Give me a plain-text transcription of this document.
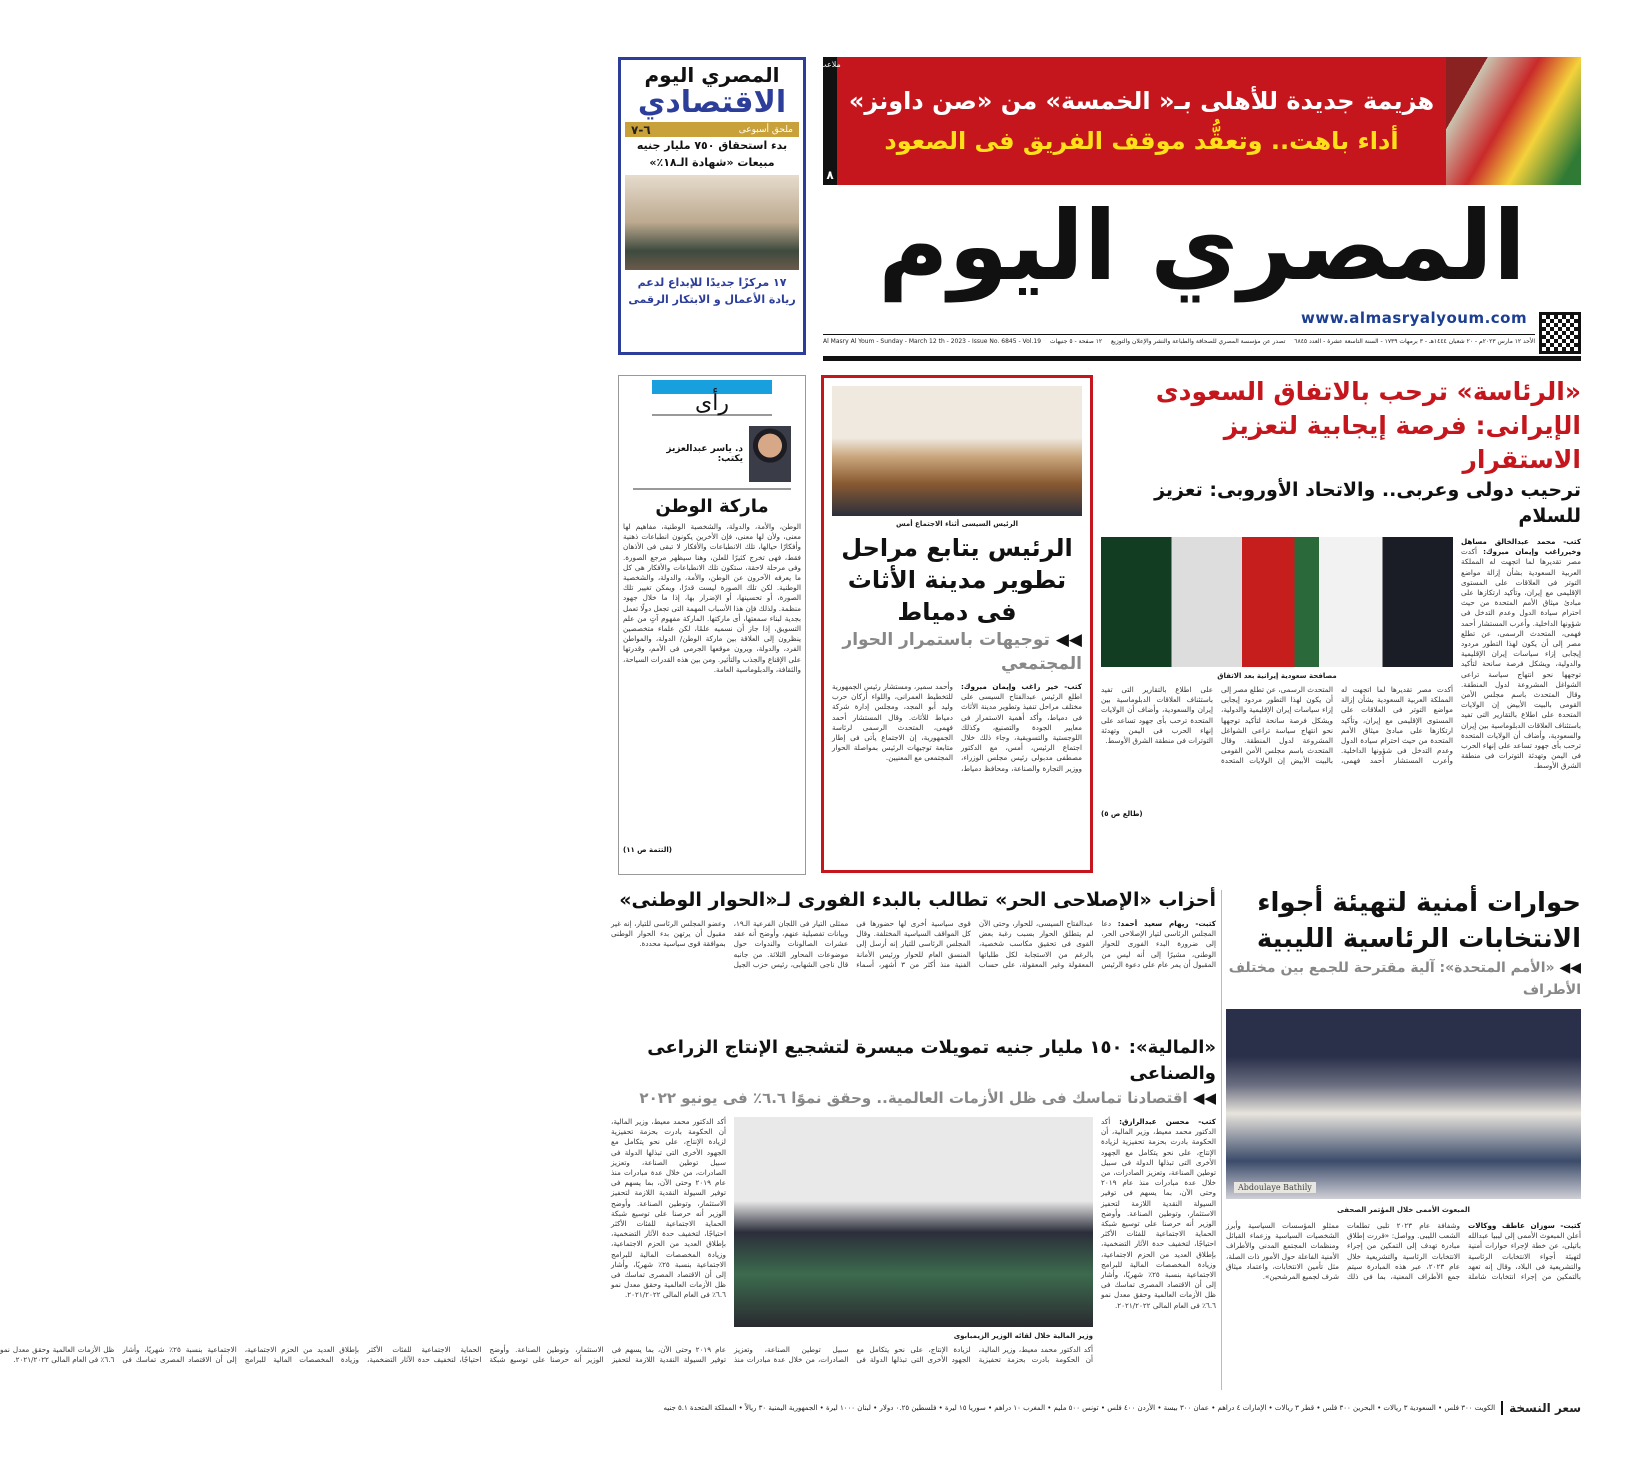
المصري اليوم
الاقتصادي
ملحق أسبوعى
٦-٧
بدء استحقاق ٧٥٠ مليار جنيه
مبيعات «شهادة الـ١٨٪»
١٧ مركزًا جديدًا للإبداع لدعم
ريادة الأعمال و الابتكار الرقمى
ملاعب
٨
هزيمة جديدة للأهلى بـ« الخمسة» من «صن داونز»
أداء باهت.. وتعقُّد موقف الفريق فى الصعود
المصري اليوم
www.almasryalyoum.com
الأحد ١٢ مارس ٢٠٢٣م - ٢٠ شعبان ١٤٤٤هـ - ٣ برمهات ١٧٣٩ - السنة التاسعة عشرة - العدد ٦٨٤٥
تصدر عن مؤسسة المصري للصحافة والطباعة والنشر والإعلان والتوزيع
١٢ صفحة - ٥ جنيهات
Al Masry Al Youm - Sunday - March 12 th - 2023 - Issue No. 6845 - Vol.19
رأى
د. ياسر عبدالعزيز
يكتب:
ماركة الوطن
الوطن، والأمة، والدولة، والشخصية الوطنية، مفاهيم لها معنى، ولأن لها معنى، فإن الأخرين يكونون انطباعات ذهنية وأفكارًا حيالها، تلك الانطباعات والأفكار لا تبقى فى الأذهان فقط، فهى تخرج كثيرًا للعلن، وهنا سيظهر مرجع الصورة. وفى مرحلة لاحقة، ستكون تلك الانطباعات والأفكار هى كل ما يعرفه الآخرون عن الوطن، والأمة، والدولة، والشخصية الوطنية. لكن تلك الصورة ليست قدرًا، ويمكن تغيير تلك الصورة، أو تحسينها، أو الإضرار بها، إذا ما خلال جهود منظمة. ولذلك فإن هذا الأسباب المهمة التى تجعل دولًا تعمل بجدية لبناء سمعتها، أى ماركتها. الماركة مفهوم آتٍ من علم التسويق، إذا جاز أن نسميه علمًا، لكن علماء متخصصين ينظرون إلى العلاقة بين ماركة الوطن/ الدولة، والمواطن الفرد، والدولة، ويرون موقعها الجرمى فى الأمم، وقدرتها على الإقناع والجذب والتأثير. ومن بين هذه القدرات السياحة، والثقافة، والدبلوماسية العامة.
(التتمة ص ١١)
الرئيس السيسى أثناء الاجتماع أمس
الرئيس يتابع مراحل تطوير مدينة الأثاث فى دمياط
◀◀ توجيهات باستمرار الحوار المجتمعي
كتب- خير راغب وإيمان مبروك: اطلع الرئيس عبدالفتاح السيسى على مختلف مراحل تنفيذ وتطوير مدينة الأثاث فى دمياط، وأكد أهمية الاستمرار فى معايير الجودة والتصنيع، وكذلك اللوجستية والتسويقية، وجاء ذلك خلال اجتماع الرئيس، أمس، مع الدكتور مصطفى مدبولى رئيس مجلس الوزراء، ووزير التجارة والصناعة، ومحافظ دمياط، وأحمد سمير، ومستشار رئيس الجمهورية للتخطيط العمرانى، واللواء أركان حرب وليد أبو المجد، ومجلس إدارة شركة دمياط للأثاث. وقال المستشار أحمد فهمى، المتحدث الرسمى لرئاسة الجمهورية، إن الاجتماع يأتى فى إطار متابعة توجيهات الرئيس بمواصلة الحوار المجتمعى مع المعنيين.
«الرئاسة» ترحب بالاتفاق السعودى
الإيرانى: فرصة إيجابية لتعزيز الاستقرار
ترحيب دولى وعربى.. والاتحاد الأوروبى: تعزيز للسلام
كتب- محمد عبدالخالق مساهل وخيرراغب وإيمان مبروك: أكدت مصر تقديرها لما اتجهت له المملكة العربية السعودية بشأن إزالة مواضع التوتر فى العلاقات على المستوى الإقليمى مع إيران، وتأكيد ارتكازها على مبادئ ميثاق الأمم المتحدة من حيث احترام سيادة الدول وعدم التدخل فى شؤونها الداخلية. وأعرب المستشار أحمد فهمى، المتحدث الرسمى، عن تطلع مصر إلى أن يكون لهذا التطور مردود إيجابى إزاء سياسات إيران الإقليمية والدولية، ويشكل فرصة سانحة لتأكيد توجهها نحو انتهاج سياسة تراعى الشواغل المشروعة لدول المنطقة. وقال المتحدث باسم مجلس الأمن القومى بالبيت الأبيض إن الولايات المتحدة على اطلاع بالتقارير التى تفيد باستئناف العلاقات الدبلوماسية بين إيران والسعودية، وأضاف أن الولايات المتحدة ترحب بأى جهود تساعد على إنهاء الحرب فى اليمن وتهدئة التوترات فى منطقة الشرق الأوسط.
مصافحة سعودية إيرانية بعد الاتفاق
أكدت مصر تقديرها لما اتجهت له المملكة العربية السعودية بشأن إزالة مواضع التوتر فى العلاقات على المستوى الإقليمى مع إيران، وتأكيد ارتكازها على مبادئ ميثاق الأمم المتحدة من حيث احترام سيادة الدول وعدم التدخل فى شؤونها الداخلية. وأعرب المستشار أحمد فهمى، المتحدث الرسمى، عن تطلع مصر إلى أن يكون لهذا التطور مردود إيجابى إزاء سياسات إيران الإقليمية والدولية، ويشكل فرصة سانحة لتأكيد توجهها نحو انتهاج سياسة تراعى الشواغل المشروعة لدول المنطقة. وقال المتحدث باسم مجلس الأمن القومى بالبيت الأبيض إن الولايات المتحدة على اطلاع بالتقارير التى تفيد باستئناف العلاقات الدبلوماسية بين إيران والسعودية، وأضاف أن الولايات المتحدة ترحب بأى جهود تساعد على إنهاء الحرب فى اليمن وتهدئة التوترات فى منطقة الشرق الأوسط.
(طالع ص ٥)
حوارات أمنية لتهيئة أجواء
الانتخابات الرئاسية الليبية
◀◀ «الأمم المتحدة»: آلية مقترحة للجمع بين مختلف الأطراف
Abdoulaye Bathily
المبعوث الأممى خلال المؤتمر الصحفى
كتبت- سوزان عاطف ووكالات أعلن المبعوث الأممى إلى ليبيا عبدالله باتيلى، عن خطة لإجراء حوارات أمنية لتهيئة أجواء الانتخابات الرئاسية والتشريعية فى البلاد، وقال إنه تعهد بالتمكين من إجراء انتخابات شاملة وشفافة عام ٢٠٢٣ تلبى تطلعات الشعب الليبى. وواصل: «قررت إطلاق مبادرة تهدف إلى التمكين من إجراء الانتخابات الرئاسية والتشريعية خلال عام ٢٠٢٣، عبر هذه المبادرة سيتم جمع الأطراف المعنية، بما فى ذلك ممثلو المؤسسات السياسية وأبرز الشخصيات السياسية وزعماء القبائل ومنظمات المجتمع المدنى والأطراف الأمنية الفاعلة حول الأمور ذات الصلة، مثل تأمين الانتخابات، واعتماد ميثاق شرف لجميع المرشحين».
أحزاب «الإصلاحى الحر» تطالب بالبدء الفورى لـ«الحوار الوطنى»
كتبت- ريهام سعيد أحمد: دعا المجلس الرئاسى لتيار الإصلاحى الحر، إلى ضرورة البدء الفورى للحوار الوطنى، مشيرًا إلى أنه ليس من المقبول أن يمر عام على دعوة الرئيس عبدالفتاح السيسى، للحوار، وحتى الآن لم يتطلق الحوار بسبب رغبة بعض القوى فى تحقيق مكاسب شخصية، بالرغم من الاستجابة لكل طلباتها المعقولة وغير المعقولة، على حساب قوى سياسية أخرى لها حضورها فى كل المواقف السياسية المختلفة. وقال المجلس الرئاسى للتيار إنه أرسل إلى المنسق العام للحوار ورئيس الأمانة الفنية منذ أكثر من ٣ أشهر، أسماء ممثلى التيار فى اللجان الفرعية الـ١٩، وبيانات تفصيلية عنهم، وأوضح أنه عقد عشرات الصالونات والندوات حول موضوعات المحاور الثلاثة. من جانبه قال ناجى الشهابى، رئيس حزب الجيل وعضو المجلس الرئاسى للتيار، إنه غير مقبول أن يرتهن بدء الحوار الوطنى بموافقة قوى سياسية محددة.
«المالية»: ١٥٠ مليار جنيه تمويلات ميسرة لتشجيع الإنتاج الزراعى والصناعى
◀◀ اقتصادنا تماسك فى ظل الأزمات العالمية.. وحقق نموًا ٦.٦٪ فى يونيو ٢٠٢٢
كتب- محسن عبدالرازق: أكد الدكتور محمد معيط، وزير المالية، أن الحكومة بادرت بحزمة تحفيزية لزيادة الإنتاج، على نحو يتكامل مع الجهود الأخرى التى تبذلها الدولة فى سبيل توطين الصناعة، وتعزيز الصادرات، من خلال عدة مبادرات منذ عام ٢٠١٩ وحتى الآن، بما يسهم فى توفير السيولة النقدية اللازمة لتحفيز الاستثمار، وتوطين الصناعة. وأوضح الوزير أنه حرصنا على توسيع شبكة الحماية الاجتماعية للفئات الأكثر احتياجًا، لتخفيف حدة الآثار التضخمية، بإطلاق العديد من الحزم الاجتماعية، وزيادة المخصصات المالية للبرامج الاجتماعية بنسبة ٢٥٪ شهريًا، وأشار إلى أن الاقتصاد المصرى تماسك فى ظل الأزمات العالمية وحقق معدل نمو ٦.٦٪ فى العام المالى ٢٠٢١/٢٠٢٢.
وزير المالية خلال لقائه الوزير الزيمبابوى
أكد الدكتور محمد معيط، وزير المالية، أن الحكومة بادرت بحزمة تحفيزية لزيادة الإنتاج، على نحو يتكامل مع الجهود الأخرى التى تبذلها الدولة فى سبيل توطين الصناعة، وتعزيز الصادرات، من خلال عدة مبادرات منذ عام ٢٠١٩ وحتى الآن، بما يسهم فى توفير السيولة النقدية اللازمة لتحفيز الاستثمار، وتوطين الصناعة. وأوضح الوزير أنه حرصنا على توسيع شبكة الحماية الاجتماعية للفئات الأكثر احتياجًا، لتخفيف حدة الآثار التضخمية، بإطلاق العديد من الحزم الاجتماعية، وزيادة المخصصات المالية للبرامج الاجتماعية بنسبة ٢٥٪ شهريًا، وأشار إلى أن الاقتصاد المصرى تماسك فى ظل الأزمات العالمية وحقق معدل نمو ٦.٦٪ فى العام المالى ٢٠٢١/٢٠٢٢.
أكد الدكتور محمد معيط، وزير المالية، أن الحكومة بادرت بحزمة تحفيزية لزيادة الإنتاج، على نحو يتكامل مع الجهود الأخرى التى تبذلها الدولة فى سبيل توطين الصناعة، وتعزيز الصادرات، من خلال عدة مبادرات منذ عام ٢٠١٩ وحتى الآن، بما يسهم فى توفير السيولة النقدية اللازمة لتحفيز الاستثمار، وتوطين الصناعة. وأوضح الوزير أنه حرصنا على توسيع شبكة الحماية الاجتماعية للفئات الأكثر احتياجًا، لتخفيف حدة الآثار التضخمية، بإطلاق العديد من الحزم الاجتماعية، وزيادة المخصصات المالية للبرامج الاجتماعية بنسبة ٢٥٪ شهريًا، وأشار إلى أن الاقتصاد المصرى تماسك فى ظل الأزمات العالمية وحقق معدل نمو ٦.٦٪ فى العام المالى ٢٠٢١/٢٠٢٢.
سعر النسخة
الكويت ٣٠٠ فلس • السعودية ٣ ريالات • البحرين ٣٠٠ فلس • قطر ٣ ريالات • الإمارات ٤ دراهم • عمان ٣٠٠ بيسة • الأردن ٤٠٠ فلس • تونس ٥٠٠ مليم • المغرب ١٠ دراهم • سوريا ١٥ ليرة • فلسطين ٠.٢٥ دولار • لبنان ١٠٠٠ ليرة • الجمهورية اليمنية ٣٠ ريالاً • المملكة المتحدة ٥.١ جنيه
